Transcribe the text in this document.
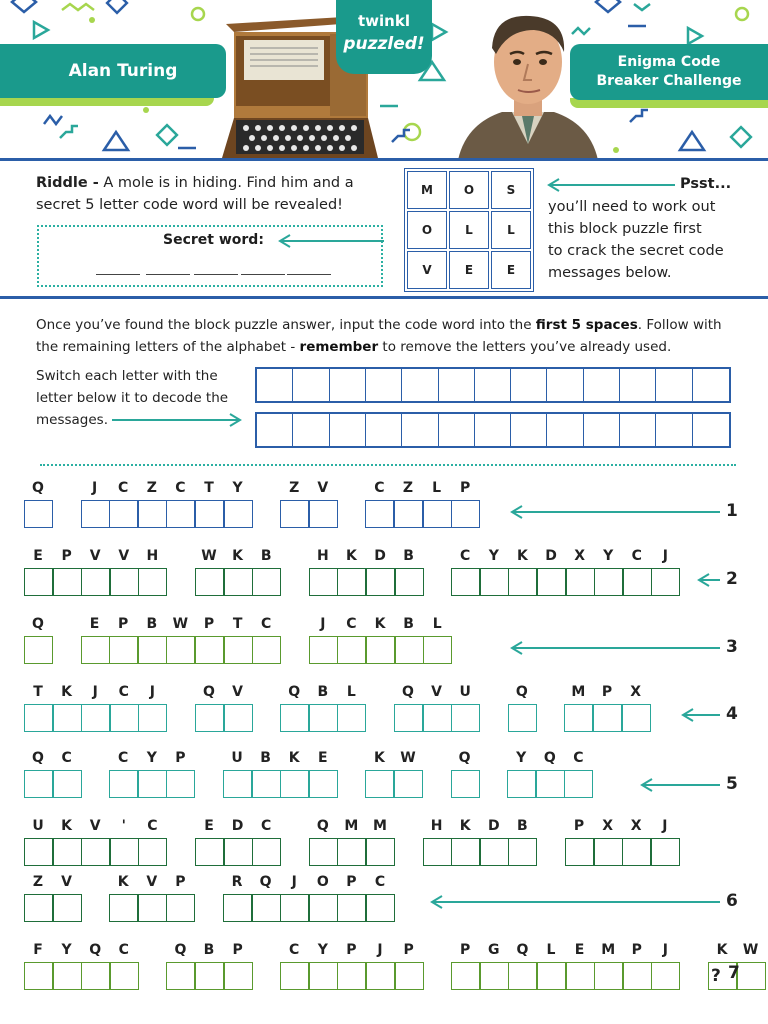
Alan Turing
twinkl
puzzled!
Enigma Code
Breaker Challenge
Riddle - A mole is in hiding. Find him and a
secret 5 letter code word will be revealed!
Secret word:
M	O	S
O	L	L
V	E	E
Psst...
you’ll need to work out
this block puzzle first
to crack the secret code
messages below.
Once you’ve found the block puzzle answer, input the code word into the first 5 spaces. Follow with
the remaining letters of the alphabet - remember to remove the letters you’ve already used.
Switch each letter with the
letter below it to decode the
messages.
Q	J	C	Z	C	T	Y	Z	V	C	Z	L	P
1
E	P	V	V	H	W	K	B	H	K	D	B	C	Y	K	D	X	Y	C	J
2
Q	E	P	B	W	P	T	C	J	C	K	B	L
3
T	K	J	C	J	Q	V	Q	B	L	Q	V	U	Q	M	P	X
4
Q	C	C	Y	P	U	B	K	E	K	W	Q	Y	Q	C
5
U	K	V	'	C	E	D	C	Q	M	M	H	K	D	B	P	X	X	J
Z	V	K	V	P	R	Q	J	O	P	C
6
F	Y	Q	C	Q	B	P	C	Y	P	J	P	P	G	Q	L	E	M	P	J	K	W
7
?
